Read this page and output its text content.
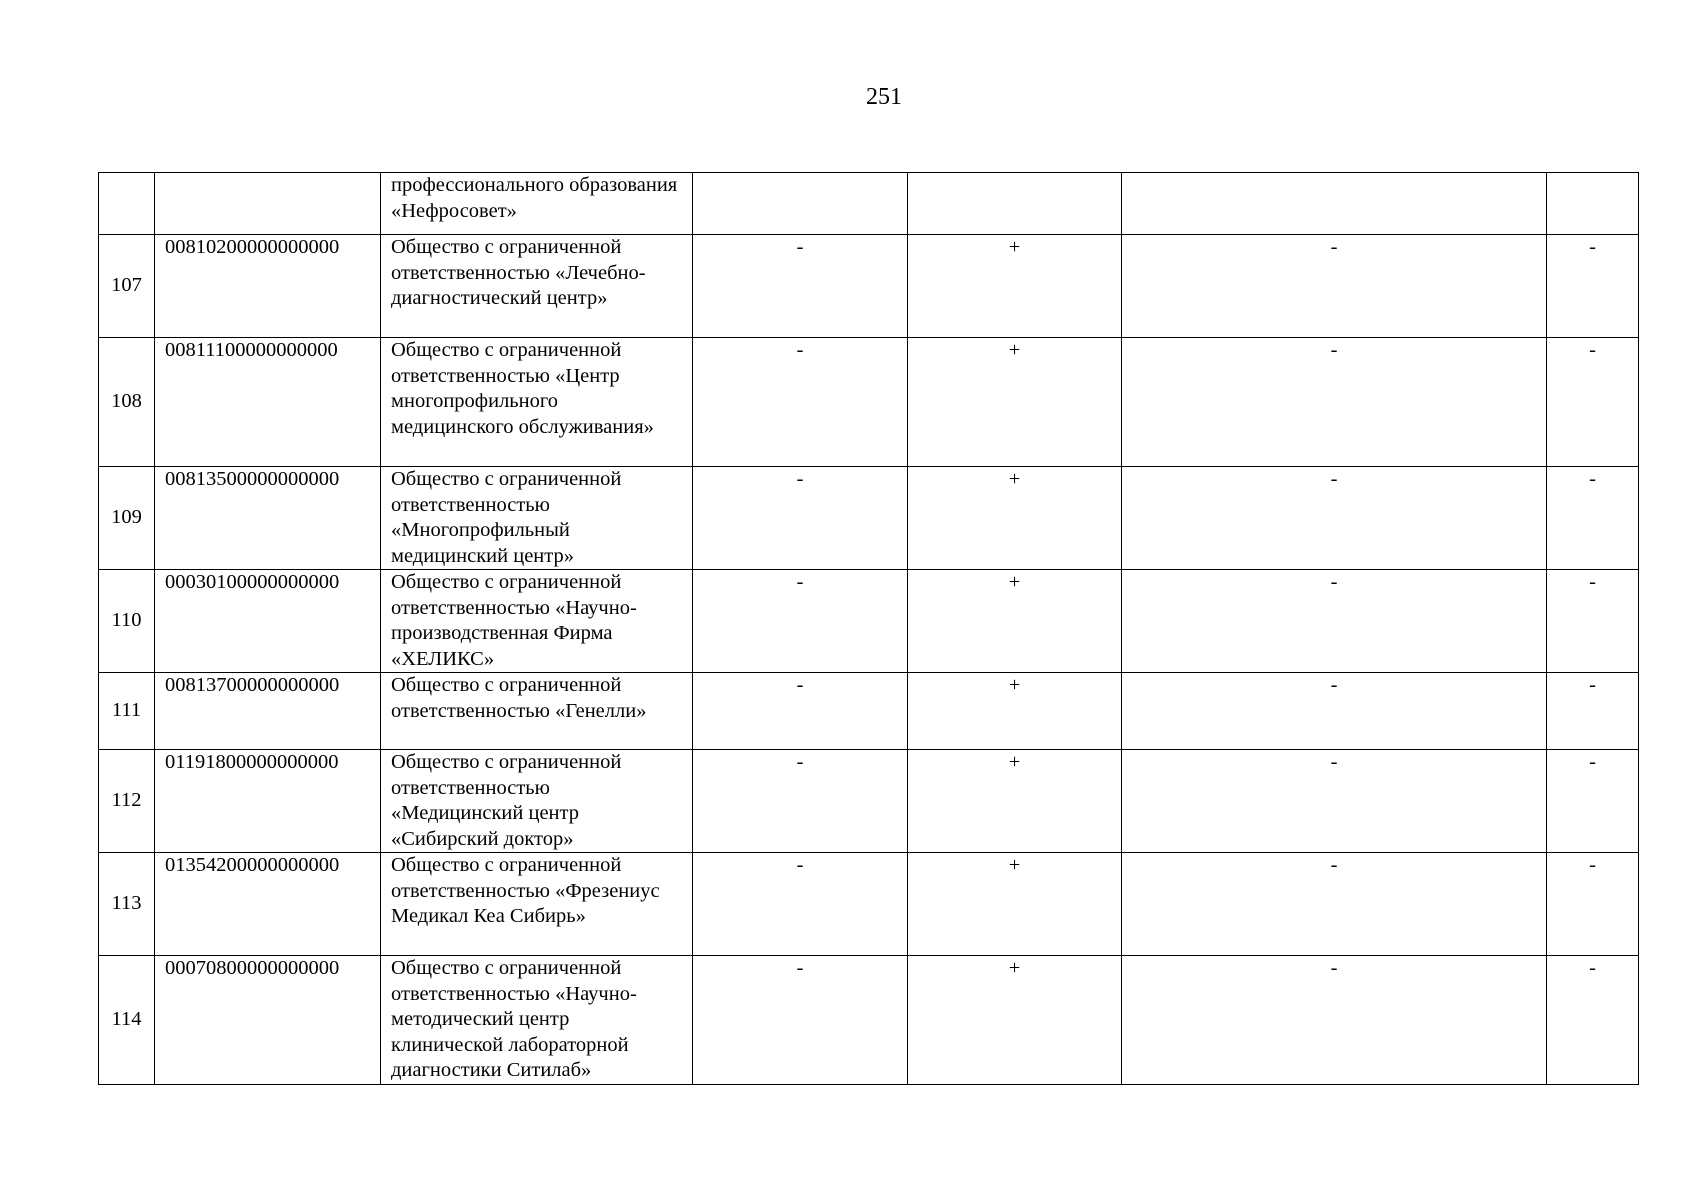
251
		профессионального образования «Нефросовет»				
107	00810200000000000	Общество с ограниченной ответственностью «Лечебно-диагностический центр»	-	+	-	-
108	00811100000000000	Общество с ограниченной ответственностью «Центр многопрофильного медицинского обслуживания»	-	+	-	-
109	00813500000000000	Общество с ограниченной ответственностью «Многопрофильный медицинский центр»	-	+	-	-
110	00030100000000000	Общество с ограниченной ответственностью «Научно-производственная Фирма «ХЕЛИКС»	-	+	-	-
111	00813700000000000	Общество с ограниченной ответственностью «Генелли»	-	+	-	-
112	01191800000000000	Общество с ограниченной ответственностью «Медицинский центр «Сибирский доктор»	-	+	-	-
113	01354200000000000	Общество с ограниченной ответственностью «Фрезениус Медикал Кеа Сибирь»	-	+	-	-
114	00070800000000000	Общество с ограниченной ответственностью «Научно-методический центр клинической лабораторной диагностики Ситилаб»	-	+	-	-
